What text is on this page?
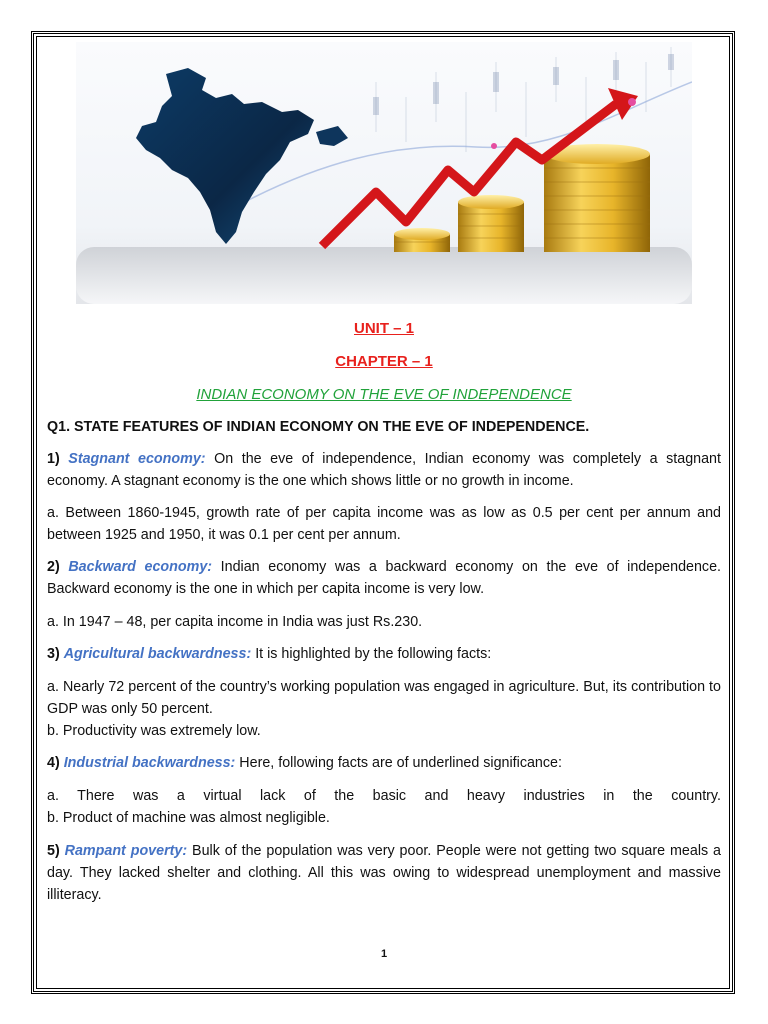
UNIT – 1
CHAPTER – 1
INDIAN ECONOMY ON THE EVE OF INDEPENDENCE
Q1. STATE FEATURES OF INDIAN ECONOMY ON THE EVE OF INDEPENDENCE.
1) Stagnant economy: On the eve of independence, Indian economy was completely a stagnant economy. A stagnant economy is the one which shows little or no growth in income.
a. Between 1860-1945, growth rate of per capita income was as low as 0.5 per cent per annum and between 1925 and 1950, it was 0.1 per cent per annum.
2) Backward economy: Indian economy was a backward economy on the eve of independence. Backward economy is the one in which per capita income is very low.
a. In 1947 – 48, per capita income in India was just Rs.230.
3) Agricultural backwardness: It is highlighted by the following facts:
a. Nearly 72 percent of the country’s working population was engaged in agriculture. But, its contribution to GDP was only 50 percent.
b. Productivity was extremely low.
4) Industrial backwardness: Here, following facts are of underlined significance:
a. There was a virtual lack of the basic and heavy industries in the country.
b. Product of machine was almost negligible.
5) Rampant poverty: Bulk of the population was very poor. People were not getting two square meals a day. They lacked shelter and clothing. All this was owing to widespread unemployment and massive illiteracy.
1
